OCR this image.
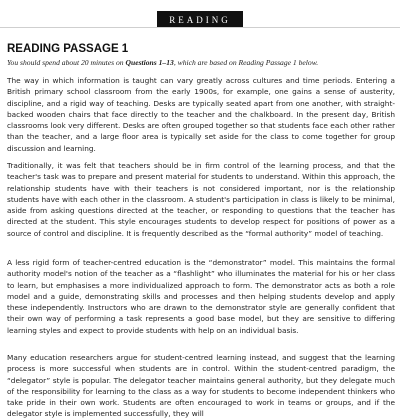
READING
READING PASSAGE 1
You should spend about 20 minutes on Questions 1–13, which are based on Reading Passage 1 below.

The way in which information is taught can vary greatly across cultures and time periods. Entering a British primary school classroom from the early 1900s, for example, one gains a sense of austerity, discipline, and a rigid way of teaching. Desks are typically seated apart from one another, with straight-backed wooden chairs that face directly to the teacher and the chalkboard. In the present day, British classrooms look very different. Desks are often grouped together so that students face each other rather than the teacher, and a large floor area is typically set aside for the class to come together for group discussion and learning.

Traditionally, it was felt that teachers should be in firm control of the learning process, and that the teacher's task was to prepare and present material for students to understand. Within this approach, the relationship students have with their teachers is not considered important, nor is the relationship students have with each other in the classroom. A student's participation in class is likely to be minimal, aside from asking questions directed at the teacher, or responding to questions that the teacher has directed at the student. This style encourages students to develop respect for positions of power as a source of control and discipline. It is frequently described as the “formal authority” model of teaching.

A less rigid form of teacher-centred education is the “demonstrator” model. This maintains the formal authority model's notion of the teacher as a “flashlight” who illuminates the material for his or her class to learn, but emphasises a more individualized approach to form. The demonstrator acts as both a role model and a guide, demonstrating skills and processes and then helping students develop and apply these independently. Instructors who are drawn to the demonstrator style are generally confident that their own way of performing a task represents a good base model, but they are sensitive to differing learning styles and expect to provide students with help on an individual basis.

Many education researchers argue for student-centred learning instead, and suggest that the learning process is more successful when students are in control. Within the student-centred paradigm, the “delegator” style is popular. The delegator teacher maintains general authority, but they delegate much of the responsibility for learning to the class as a way for students to become independent thinkers who take pride in their own work. Students are often encouraged to work in teams or groups, and if the delegator style is implemented successfully, they will
